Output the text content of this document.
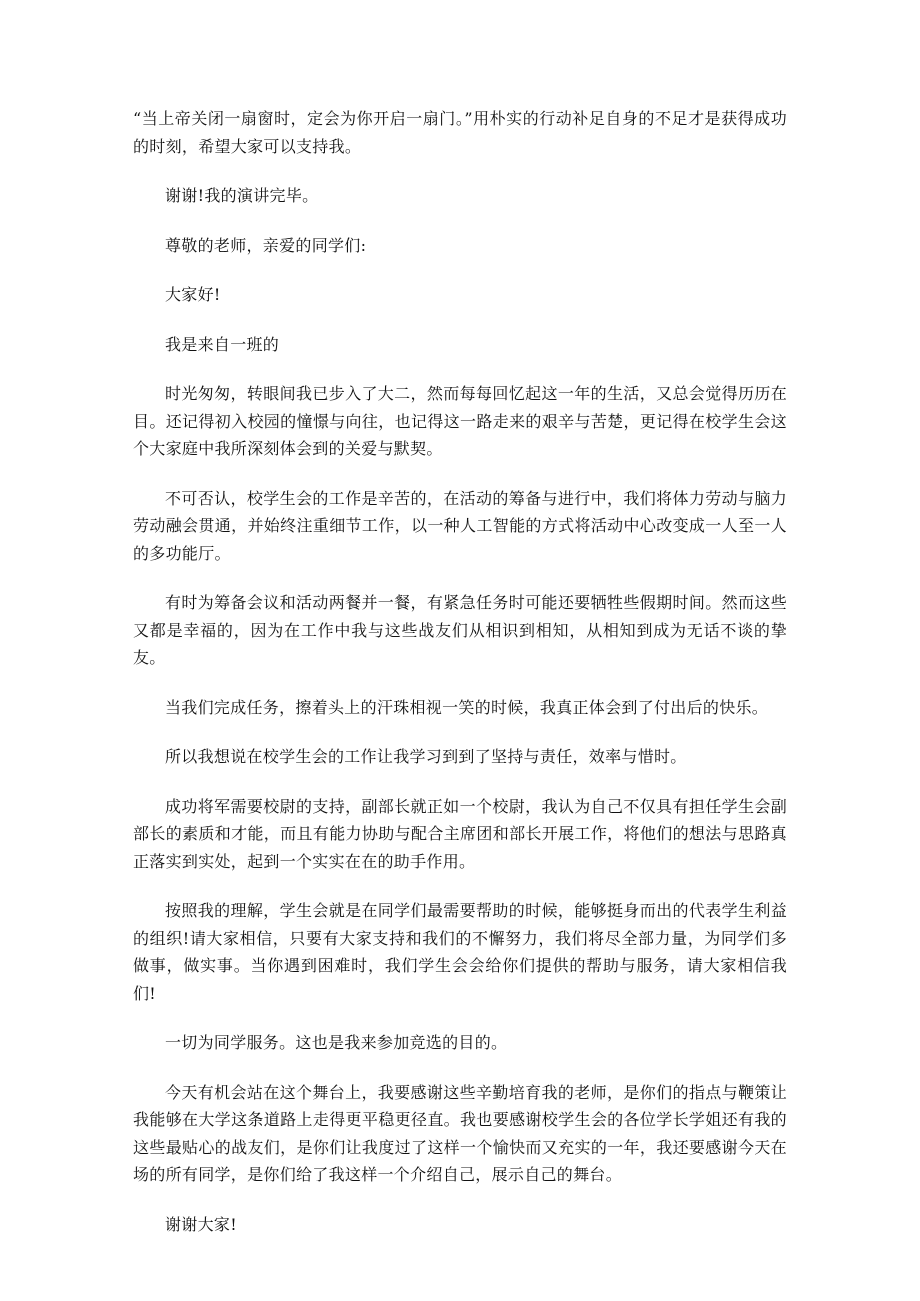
“当上帝关闭一扇窗时，定会为你开启一扇门。”用朴实的行动补足自身的不足才是获得成功的时刻，希望大家可以支持我。

谢谢!我的演讲完毕。

尊敬的老师，亲爱的同学们:

大家好!

我是来自一班的

时光匆匆，转眼间我已步入了大二，然而每每回忆起这一年的生活，又总会觉得历历在目。还记得初入校园的憧憬与向往，也记得这一路走来的艰辛与苦楚，更记得在校学生会这个大家庭中我所深刻体会到的关爱与默契。

不可否认，校学生会的工作是辛苦的，在活动的筹备与进行中，我们将体力劳动与脑力劳动融会贯通，并始终注重细节工作，以一种人工智能的方式将活动中心改变成一人至一人的多功能厅。

有时为筹备会议和活动两餐并一餐，有紧急任务时可能还要牺牲些假期时间。然而这些又都是幸福的，因为在工作中我与这些战友们从相识到相知，从相知到成为无话不谈的挚友。

当我们完成任务，擦着头上的汗珠相视一笑的时候，我真正体会到了付出后的快乐。

所以我想说在校学生会的工作让我学习到到了坚持与责任，效率与惜时。

成功将军需要校尉的支持，副部长就正如一个校尉，我认为自己不仅具有担任学生会副部长的素质和才能，而且有能力协助与配合主席团和部长开展工作，将他们的想法与思路真正落实到实处，起到一个实实在在的助手作用。

按照我的理解，学生会就是在同学们最需要帮助的时候，能够挺身而出的代表学生利益的组织!请大家相信，只要有大家支持和我们的不懈努力，我们将尽全部力量，为同学们多做事，做实事。当你遇到困难时，我们学生会会给你们提供的帮助与服务，请大家相信我们!

一切为同学服务。这也是我来参加竞选的目的。

今天有机会站在这个舞台上，我要感谢这些辛勤培育我的老师，是你们的指点与鞭策让我能够在大学这条道路上走得更平稳更径直。我也要感谢校学生会的各位学长学姐还有我的这些最贴心的战友们，是你们让我度过了这样一个愉快而又充实的一年，我还要感谢今天在场的所有同学，是你们给了我这样一个介绍自己，展示自己的舞台。

谢谢大家!
